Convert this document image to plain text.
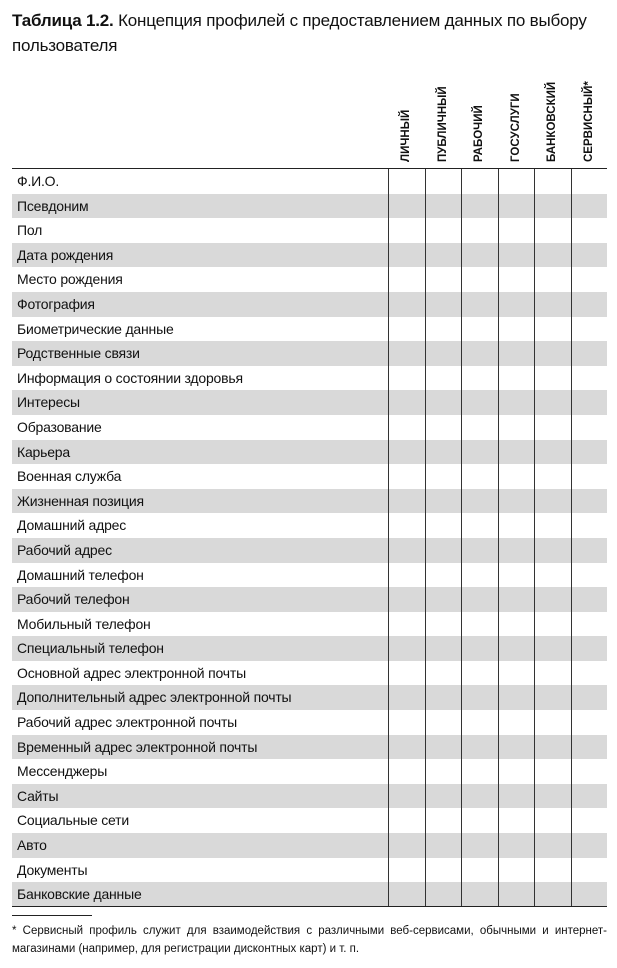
Таблица 1.2. Концепция профилей с предоставлением данных по выбору пользователя
ЛИЧНЫЙ ПУБЛИЧНЫЙ РАБОЧИЙ ГОСУСЛУГИ БАНКОВСКИЙ СЕРВИСНЫЙ*
Ф.И.О.
Псевдоним
Пол
Дата рождения
Место рождения
Фотография
Биометрические данные
Родственные связи
Информация о состоянии здоровья
Интересы
Образование
Карьера
Военная служба
Жизненная позиция
Домашний адрес
Рабочий адрес
Домашний телефон
Рабочий телефон
Мобильный телефон
Специальный телефон
Основной адрес электронной почты
Дополнительный адрес электронной почты
Рабочий адрес электронной почты
Временный адрес электронной почты
Мессенджеры
Сайты
Социальные сети
Авто
Документы
Банковские данные
* Сервисный профиль служит для взаимодействия с различными веб-сервисами, обычными и интернет-магазинами (например, для регистрации дисконтных карт) и т. п.
